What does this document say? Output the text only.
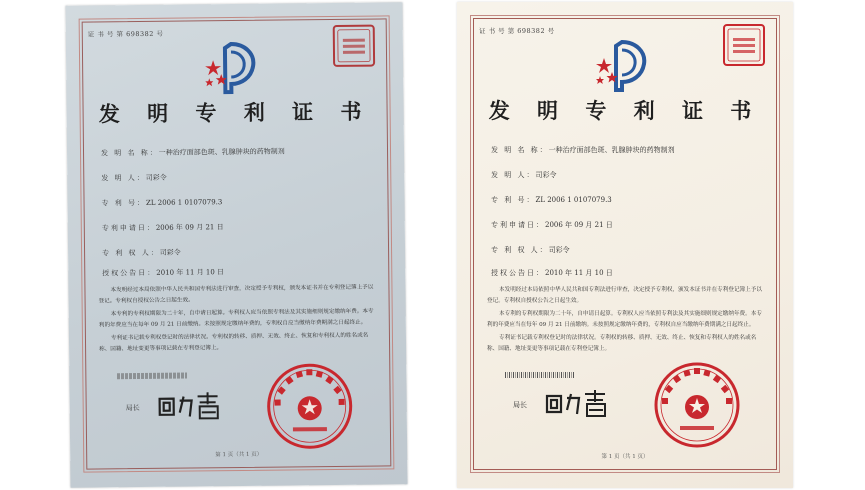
证 书 号 第 698382 号
发 明 专 利 证 书
发 明 名 称：一种治疗面部色斑、乳腺肿块的药物制剂
发 明 人：司彩令
专 利 号：ZL 2006 1 0107079.3
专利申请日：2006 年 09 月 21 日
专 利 权 人：司彩令
授权公告日：2010 年 11 月 10 日

本发明经过本局依照中华人民共和国专利法进行审查，决定授予专利权，颁发本证书并在专利登记簿上予以登记。专利权自授权公告之日起生效。

本专利的专利权期限为二十年，自申请日起算。专利权人应当依照专利法及其实施细则规定缴纳年费。本专利的年费应当在每年 09 月 21 日前缴纳。未按照规定缴纳年费的，专利权自应当缴纳年费期满之日起终止。

专利证书记载专利权登记时的法律状况。专利权的转移、质押、无效、终止、恢复和专利权人的姓名或名称、国籍、地址变更等事项记载在专利登记簿上。

局长
第 1 页（共 1 页）
证 书 号 第 698382 号
发 明 专 利 证 书
发 明 名 称：一种治疗面部色斑、乳腺肿块的药物制剂
发 明 人：司彩令
专 利 号：ZL 2006 1 0107079.3
专利申请日：2006 年 09 月 21 日
专 利 权 人：司彩令
授权公告日：2010 年 11 月 10 日

本发明经过本局依照中华人民共和国专利法进行审查，决定授予专利权，颁发本证书并在专利登记簿上予以登记。专利权自授权公告之日起生效。

本专利的专利权期限为二十年，自申请日起算。专利权人应当依照专利法及其实施细则规定缴纳年费。本专利的年费应当在每年 09 月 21 日前缴纳。未按照规定缴纳年费的，专利权自应当缴纳年费期满之日起终止。

专利证书记载专利权登记时的法律状况。专利权的转移、质押、无效、终止、恢复和专利权人的姓名或名称、国籍、地址变更等事项记载在专利登记簿上。

局长
第 1 页（共 1 页）
